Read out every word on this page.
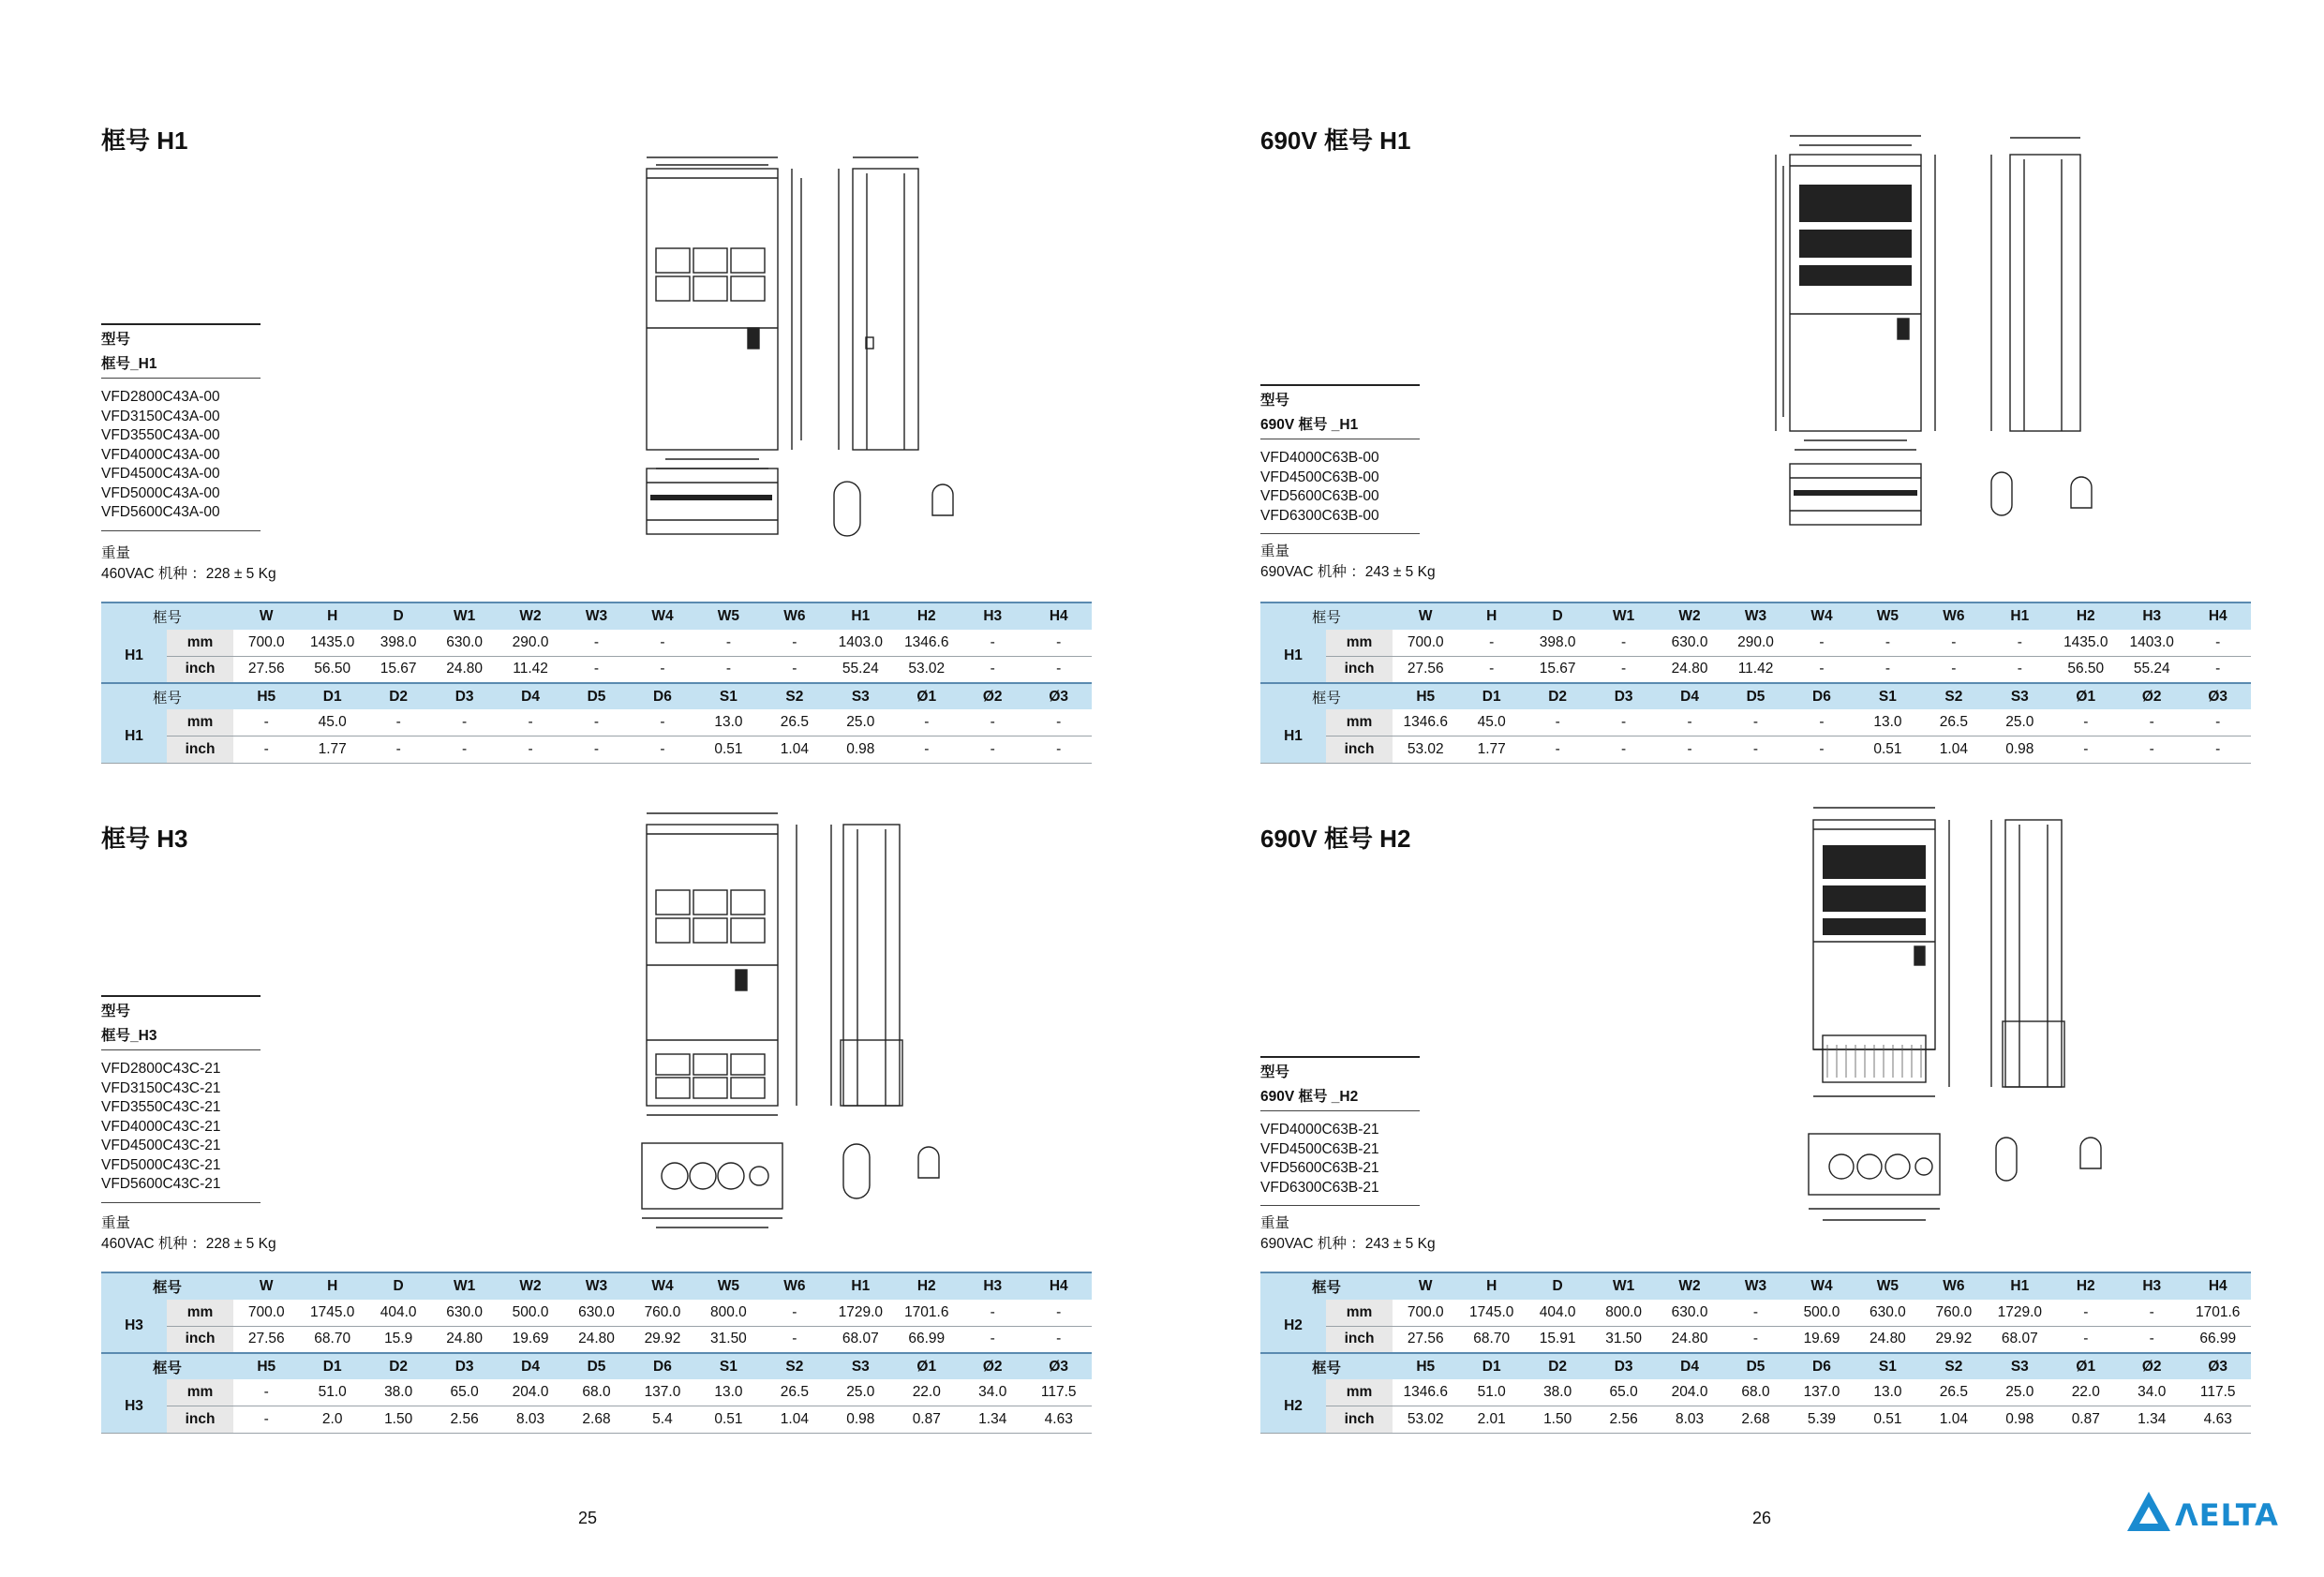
框号 H1
型号
框号_H1
VFD2800C43A-00
VFD3150C43A-00
VFD3550C43A-00
VFD4000C43A-00
VFD4500C43A-00
VFD5000C43A-00
VFD5600C43A-00
重量
460VAC 机种 ：228 ± 5 Kg
框号		W	H	D	W1	W2	W3	W4	W5	W6	H1	H2	H3	H4
H1	mm	700.0	1435.0	398.0	630.0	290.0	-	-	-	-	1403.0	1346.6	-	-
	inch	27.56	56.50	15.67	24.80	11.42	-	-	-	-	55.24	53.02	-	-
框号		H5	D1	D2	D3	D4	D5	D6	S1	S2	S3	Ø1	Ø2	Ø3
H1	mm	-	45.0	-	-	-	-	-	13.0	26.5	25.0	-	-	-
	inch	-	1.77	-	-	-	-	-	0.51	1.04	0.98	-	-	-
框号 H3
型号
框号_H3
VFD2800C43C-21
VFD3150C43C-21
VFD3550C43C-21
VFD4000C43C-21
VFD4500C43C-21
VFD5000C43C-21
VFD5600C43C-21
重量
460VAC 机种 ：228 ± 5 Kg
框号		W	H	D	W1	W2	W3	W4	W5	W6	H1	H2	H3	H4
H3	mm	700.0	1745.0	404.0	630.0	500.0	630.0	760.0	800.0	-	1729.0	1701.6	-	-
	inch	27.56	68.70	15.9	24.80	19.69	24.80	29.92	31.50	-	68.07	66.99	-	-
框号		H5	D1	D2	D3	D4	D5	D6	S1	S2	S3	Ø1	Ø2	Ø3
H3	mm	-	51.0	38.0	65.0	204.0	68.0	137.0	13.0	26.5	25.0	22.0	34.0	117.5
	inch	-	2.0	1.50	2.56	8.03	2.68	5.4	0.51	1.04	0.98	0.87	1.34	4.63
690V 框号 H1
型号
690V 框号 _H1
VFD4000C63B-00
VFD4500C63B-00
VFD5600C63B-00
VFD6300C63B-00
重量
690VAC 机种 ：243 ± 5 Kg
框号		W	H	D	W1	W2	W3	W4	W5	W6	H1	H2	H3	H4
H1	mm	700.0	-	398.0	-	630.0	290.0	-	-	-	-	1435.0	1403.0	-
	inch	27.56	-	15.67	-	24.80	11.42	-	-	-	-	56.50	55.24	-
框号		H5	D1	D2	D3	D4	D5	D6	S1	S2	S3	Ø1	Ø2	Ø3
H1	mm	1346.6	45.0	-	-	-	-	-	13.0	26.5	25.0	-	-	-
	inch	53.02	1.77	-	-	-	-	-	0.51	1.04	0.98	-	-	-
690V 框号 H2
型号
690V 框号 _H2
VFD4000C63B-21
VFD4500C63B-21
VFD5600C63B-21
VFD6300C63B-21
重量
690VAC 机种 ：243 ± 5 Kg
框号		W	H	D	W1	W2	W3	W4	W5	W6	H1	H2	H3	H4
H2	mm	700.0	1745.0	404.0	800.0	630.0	-	500.0	630.0	760.0	1729.0	-	-	1701.6
	inch	27.56	68.70	15.91	31.50	24.80	-	19.69	24.80	29.92	68.07	-	-	66.99
框号		H5	D1	D2	D3	D4	D5	D6	S1	S2	S3	Ø1	Ø2	Ø3
H2	mm	1346.6	51.0	38.0	65.0	204.0	68.0	137.0	13.0	26.5	25.0	22.0	34.0	117.5
	inch	53.02	2.01	1.50	2.56	8.03	2.68	5.39	0.51	1.04	0.98	0.87	1.34	4.63
25	26	ΛELTA
